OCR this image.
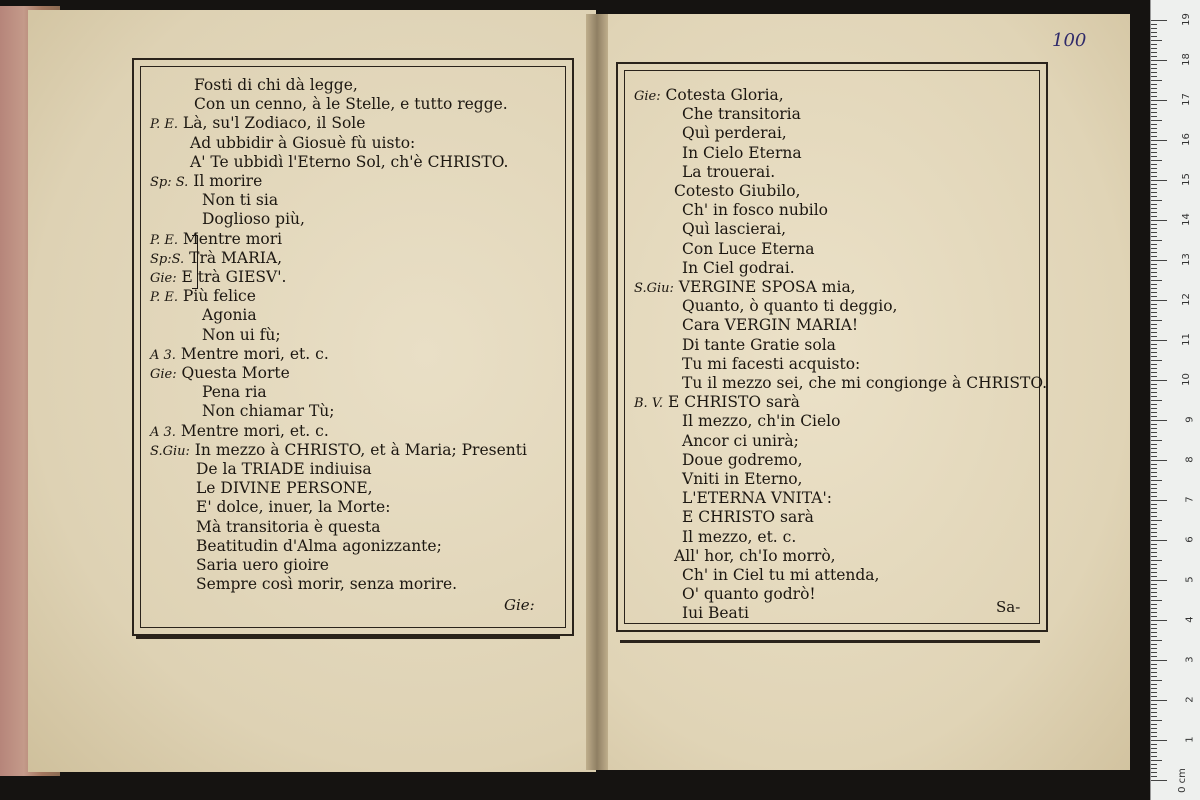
100
Fosti di chi dà legge,
Con un cenno, à le Stelle, e tutto regge.
P. E. Là, su'l Zodiaco, il Sole
Ad ubbidir à Giosuè fù uisto:
A' Te ubbidì l'Eterno Sol, ch'è CHRISTO.
Sp: S. Il morire
Non ti sia
Doglioso più,
P. E. Mentre mori
Sp:S. Trà MARIA,
Gie: E trà GIESV'.
P. E. Più felice
Agonia
Non ui fù;
A 3. Mentre mori, et. c.
Gie: Questa Morte
Pena ria
Non chiamar Tù;
A 3. Mentre mori, et. c.
S.Giu: In mezzo à CHRISTO, et à Maria; Presenti
De la TRIADE indiuisa
Le DIVINE PERSONE,
E' dolce, inuer, la Morte:
Mà transitoria è questa
Beatitudin d'Alma agonizzante;
Saria uero gioire
Sempre così morir, senza morire.
Gie:
Gie: Cotesta Gloria,
Che transitoria
Quì perderai,
In Cielo Eterna
La trouerai.
Cotesto Giubilo,
Ch' in fosco nubilo
Quì lascierai,
Con Luce Eterna
In Ciel godrai.
S.Giu: VERGINE SPOSA mia,
Quanto, ò quanto ti deggio,
Cara VERGIN MARIA!
Di tante Gratie sola
Tu mi facesti acquisto:
Tu il mezzo sei, che mi congionge à CHRISTO.
B. V. E CHRISTO sarà
Il mezzo, ch'in Cielo
Ancor ci unirà;
Doue godremo,
Vniti in Eterno,
L'ETERNA VNITA':
E CHRISTO sarà
Il mezzo, et. c.
All' hor, ch'Io morrò,
Ch' in Ciel tu mi attenda,
O' quanto godrò!
Iui Beati	Sa-
0 cm
1
2
3
4
5
6
7
8
9
10
11
12
13
14
15
16
17
18
19
